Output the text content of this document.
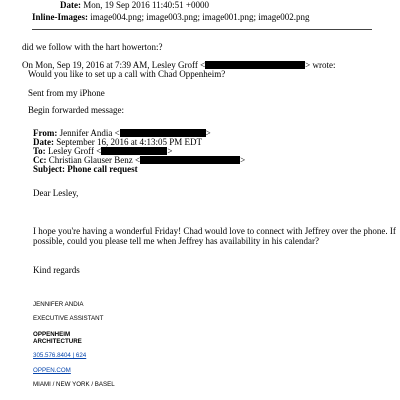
Date: Mon, 19 Sep 2016 11:40:51 +0000
Inline-Images: image004.png; image003.png; image001.png; image002.png
did we follow with the hart howerton:?
On Mon, Sep 19, 2016 at 7:39 AM, Lesley Groff <	> wrote:
Would you like to set up a call with Chad Oppenheim?
Sent from my iPhone
Begin forwarded message:
From: Jennifer Andia <	>
Date: September 16, 2016 at 4:13:05 PM EDT
To: Lesley Groff <	>
Cc: Christian Glauser Benz <	>
Subject: Phone call request
Dear Lesley,
I hope you're having a wonderful Friday! Chad would love to connect with Jeffrey over the phone. If
possible, could you please tell me when Jeffrey has availability in his calendar?
Kind regards
JENNIFER ANDIA
EXECUTIVE ASSISTANT
OPPENHEIM
ARCHITECTURE
305.576.8404 | 624
OPPEN.COM
MIAMI / NEW YORK / BASEL
